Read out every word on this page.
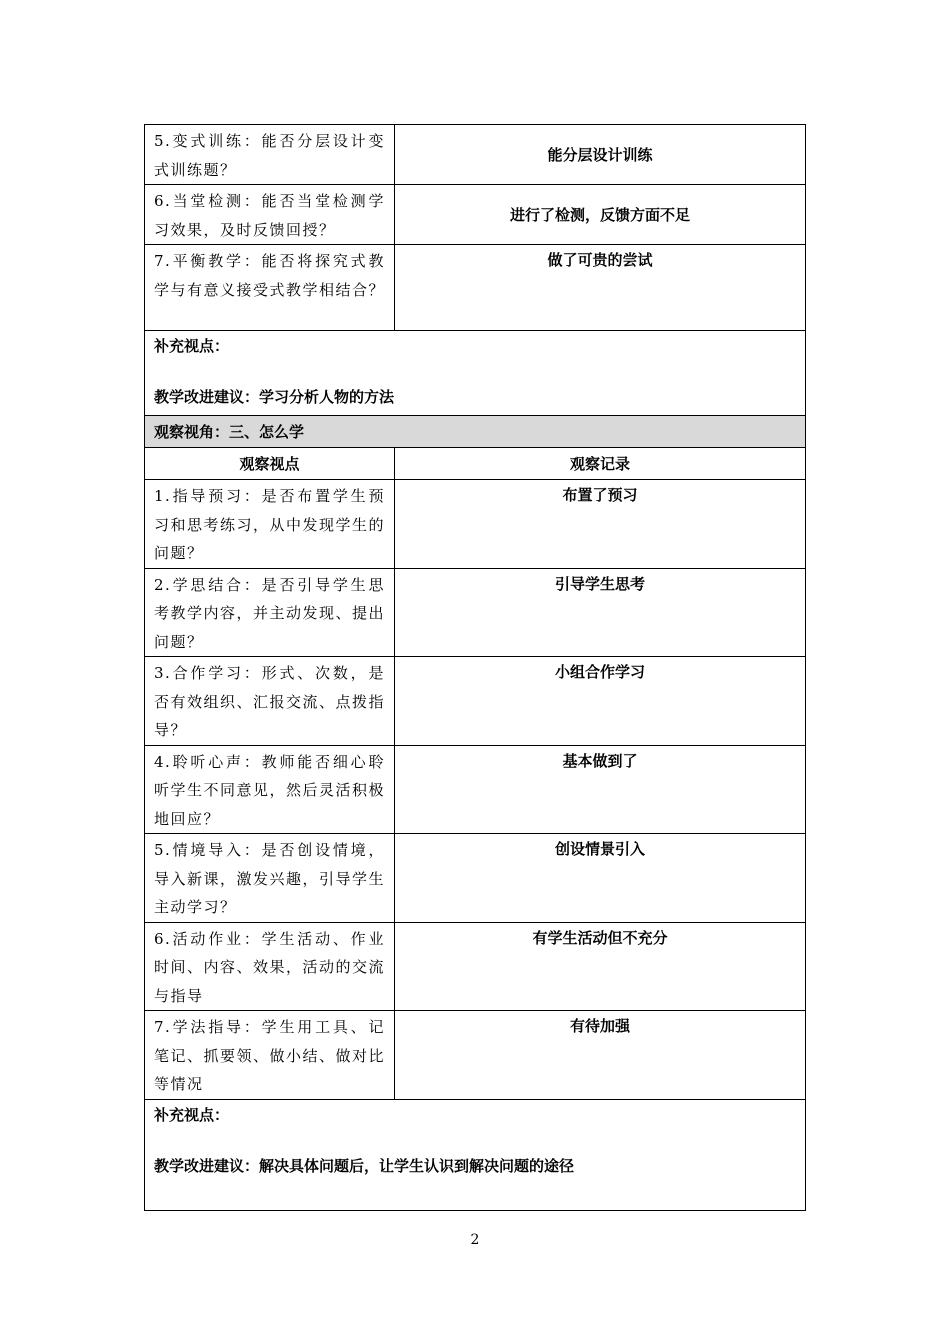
5.变式训练：能否分层设计变式训练题？	能分层设计训练
6.当堂检测：能否当堂检测学习效果，及时反馈回授？	进行了检测，反馈方面不足
7.平衡教学：能否将探究式教学与有意义接受式教学相结合？	做了可贵的尝试

补充视点：
教学改进建议：学习分析人物的方法	

观察视角：三、怎么学	
观察视点	观察记录
1.指导预习：是否布置学生预习和思考练习，从中发现学生的问题？	布置了预习
2.学思结合：是否引导学生思考教学内容，并主动发现、提出问题？	引导学生思考
3.合作学习：形式、次数，是否有效组织、汇报交流、点拨指导？	小组合作学习
4.聆听心声：教师能否细心聆听学生不同意见，然后灵活积极地回应？	基本做到了
5.情境导入：是否创设情境，导入新课，激发兴趣，引导学生主动学习？	创设情景引入
6.活动作业：学生活动、作业时间、内容、效果，活动的交流与指导	有学生活动但不充分
7.学法指导：学生用工具、记笔记、抓要领、做小结、做对比等情况	有待加强

补充视点：
教学改进建议：解决具体问题后，让学生认识到解决问题的途径	
2
